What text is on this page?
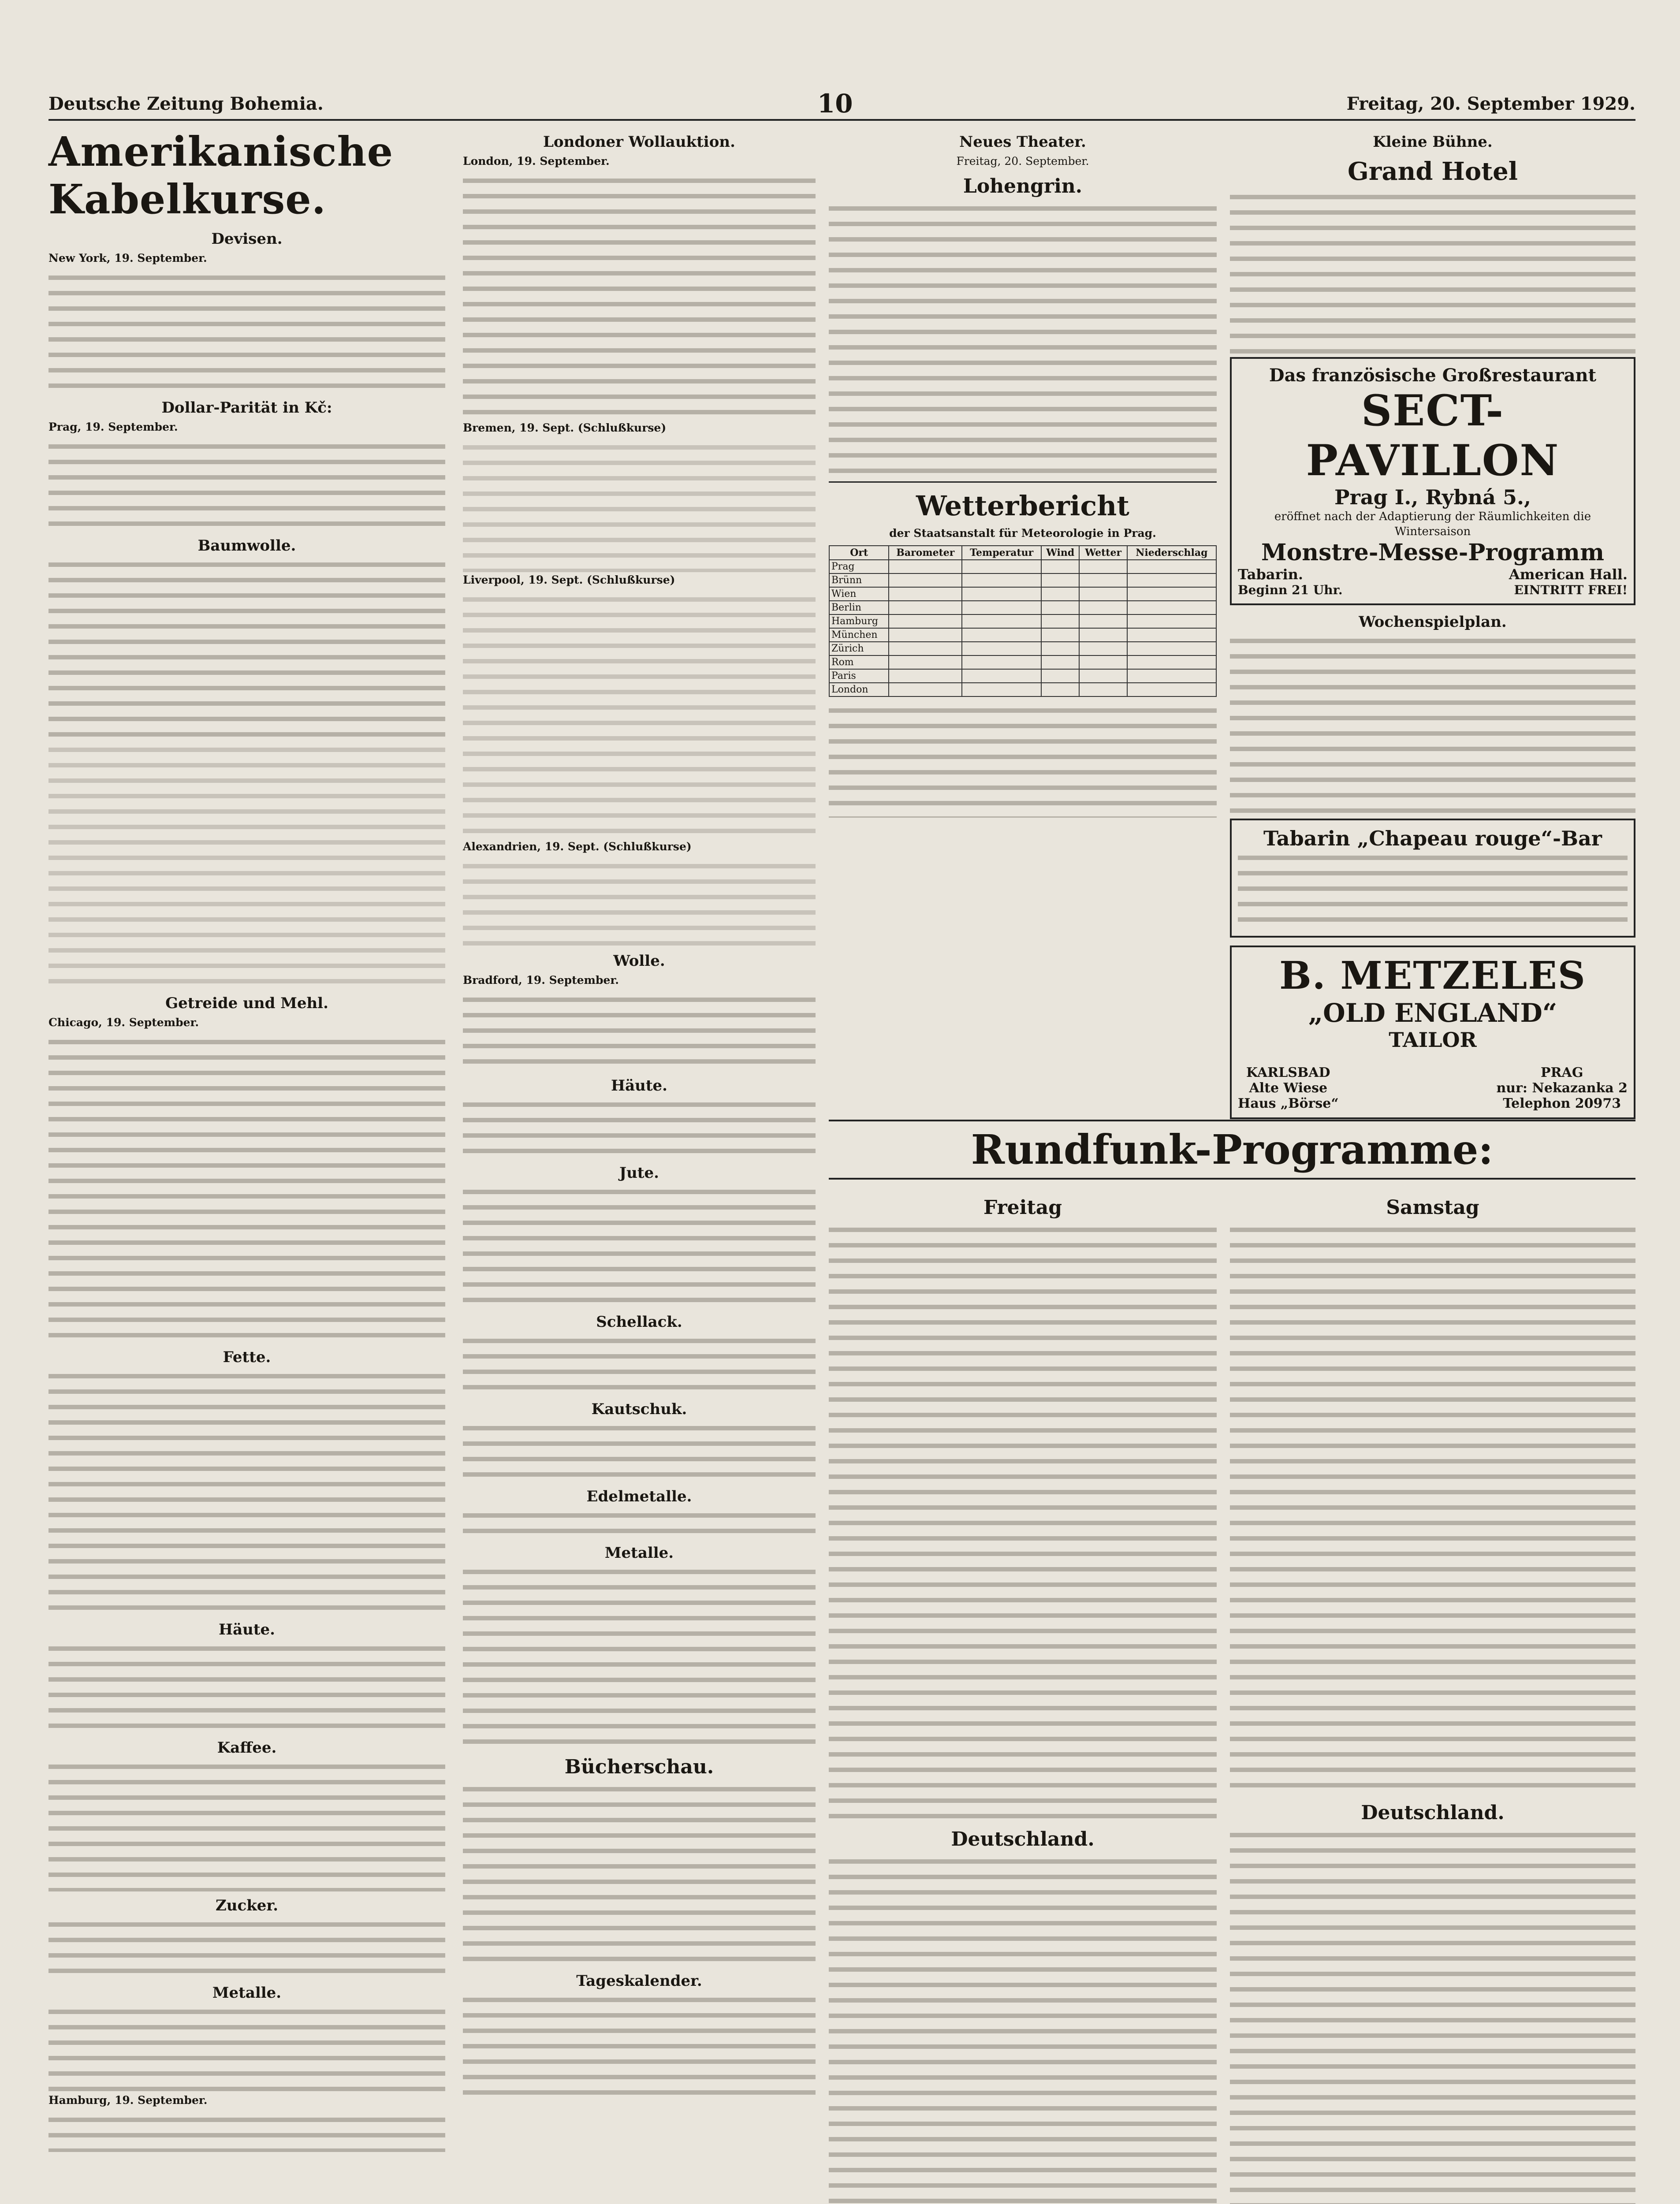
Deutsche Zeitung Bohemia.	10	Freitag, 20. September 1929.
Amerikanische Kabelkurse.
Devisen.
New York, 19. September.
Dollar-Parität in Kč:
Prag, 19. September.
Baumwolle.
Getreide und Mehl.
Chicago, 19. September.
Fette.
Häute.
Kaffee.
Zucker.
Metalle.
Hamburg, 19. September.
Londoner Wollauktion.
London, 19. September.
Bremen, 19. Sept. (Schlußkurse)
Liverpool, 19. Sept. (Schlußkurse)
Alexandrien, 19. Sept. (Schlußkurse)
Wolle.
Bradford, 19. September.
Häute.
Jute.
Schellack.
Kautschuk.
Edelmetalle.
Metalle.
Bücherschau.
Tageskalender.
Neues Theater.
Freitag, 20. September.
Lohengrin.
Wetterbericht
der Staatsanstalt für Meteorologie in Prag.
Ort	Barometer	Temperatur	Wind	Wetter	Niederschlag
Prag					
Brünn					
Wien					
Berlin					
Hamburg					
München					
Zürich					
Rom					
Paris					
London					
Kleine Bühne.
Grand Hotel
Das französische Großrestaurant
SECT-PAVILLON
Prag I., Rybná 5.,
eröffnet nach der Adaptierung der Räumlichkeiten die Wintersaison
Monstre-Messe-Programm
Tabarin.	American Hall.
Beginn 21 Uhr.	EINTRITT FREI!
Wochenspielplan.
Tabarin „Chapeau rouge“-Bar
B. METZELES
„OLD ENGLAND“
TAILOR
KARLSBAD
Alte Wiese
Haus „Börse“
PRAG
nur: Nekazanka 2
Telephon 20973
Rundfunk-Programme:
Freitag
Deutschland.
Samstag
Deutschland.
